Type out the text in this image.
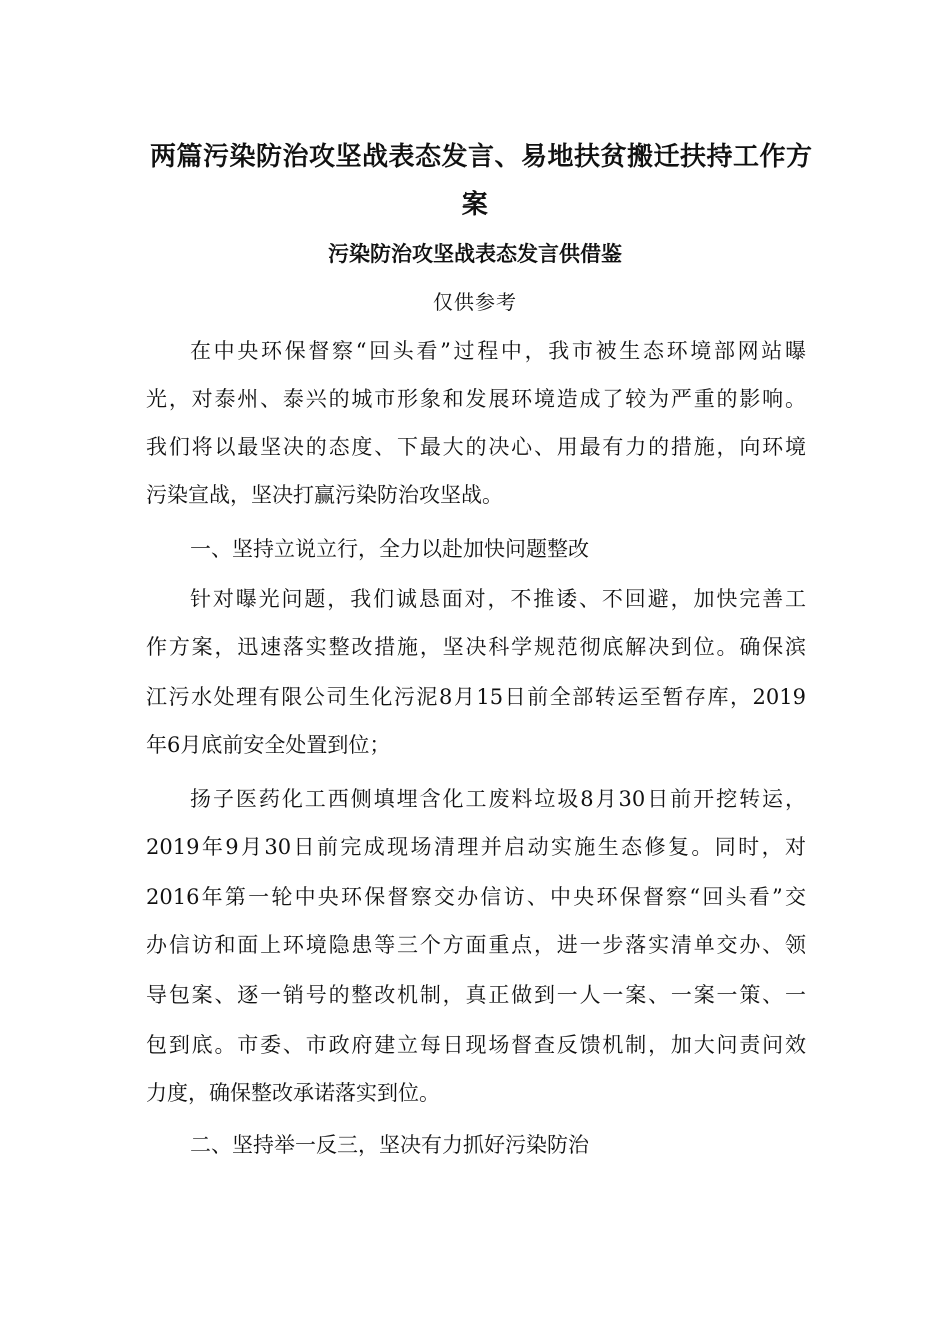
两篇污染防治攻坚战表态发言、易地扶贫搬迁扶持工作方
案
污染防治攻坚战表态发言供借鉴
仅供参考
在中央环保督察“回头看”过程中，我市被生态环境部网站曝
光，对泰州、泰兴的城市形象和发展环境造成了较为严重的影响。
我们将以最坚决的态度、下最大的决心、用最有力的措施，向环境
污染宣战，坚决打赢污染防治攻坚战。
一、坚持立说立行，全力以赴加快问题整改
针对曝光问题，我们诚恳面对，不推诿、不回避，加快完善工
作方案，迅速落实整改措施，坚决科学规范彻底解决到位。确保滨
江污水处理有限公司生化污泥8月15日前全部转运至暂存库，2019
年6月底前安全处置到位；
扬子医药化工西侧填埋含化工废料垃圾8月30日前开挖转运，
2019年9月30日前完成现场清理并启动实施生态修复。同时，对
2016年第一轮中央环保督察交办信访、中央环保督察“回头看”交
办信访和面上环境隐患等三个方面重点，进一步落实清单交办、领
导包案、逐一销号的整改机制，真正做到一人一案、一案一策、一
包到底。市委、市政府建立每日现场督查反馈机制，加大问责问效
力度，确保整改承诺落实到位。
二、坚持举一反三，坚决有力抓好污染防治
